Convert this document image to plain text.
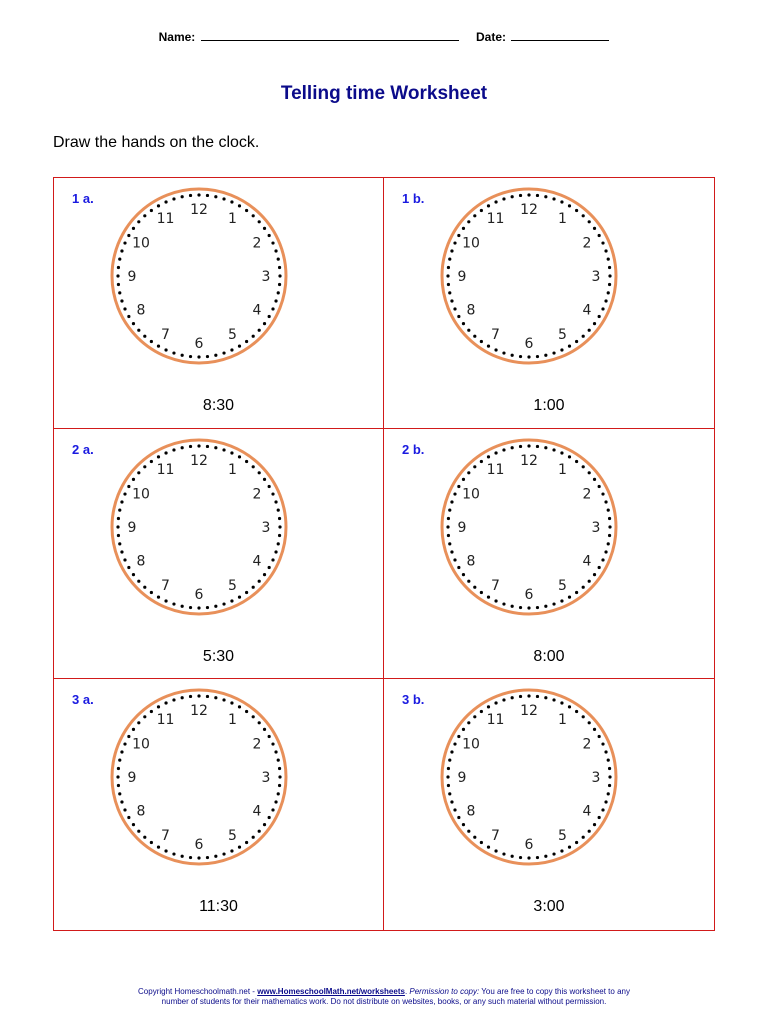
Name:	Date:
Telling time Worksheet
Draw the hands on the clock.
1 a.
12
1
2
3
4
5
6
7
8
9
10
11
8:30
1 b.
12
1
2
3
4
5
6
7
8
9
10
11
1:00
2 a.
12
1
2
3
4
5
6
7
8
9
10
11
5:30
2 b.
12
1
2
3
4
5
6
7
8
9
10
11
8:00
3 a.
12
1
2
3
4
5
6
7
8
9
10
11
11:30
3 b.
12
1
2
3
4
5
6
7
8
9
10
11
3:00
Copyright Homeschoolmath.net - www.HomeschoolMath.net/worksheets. Permission to copy: You are free to copy this worksheet to any
number of students for their mathematics work. Do not distribute on websites, books, or any such material without permission.
